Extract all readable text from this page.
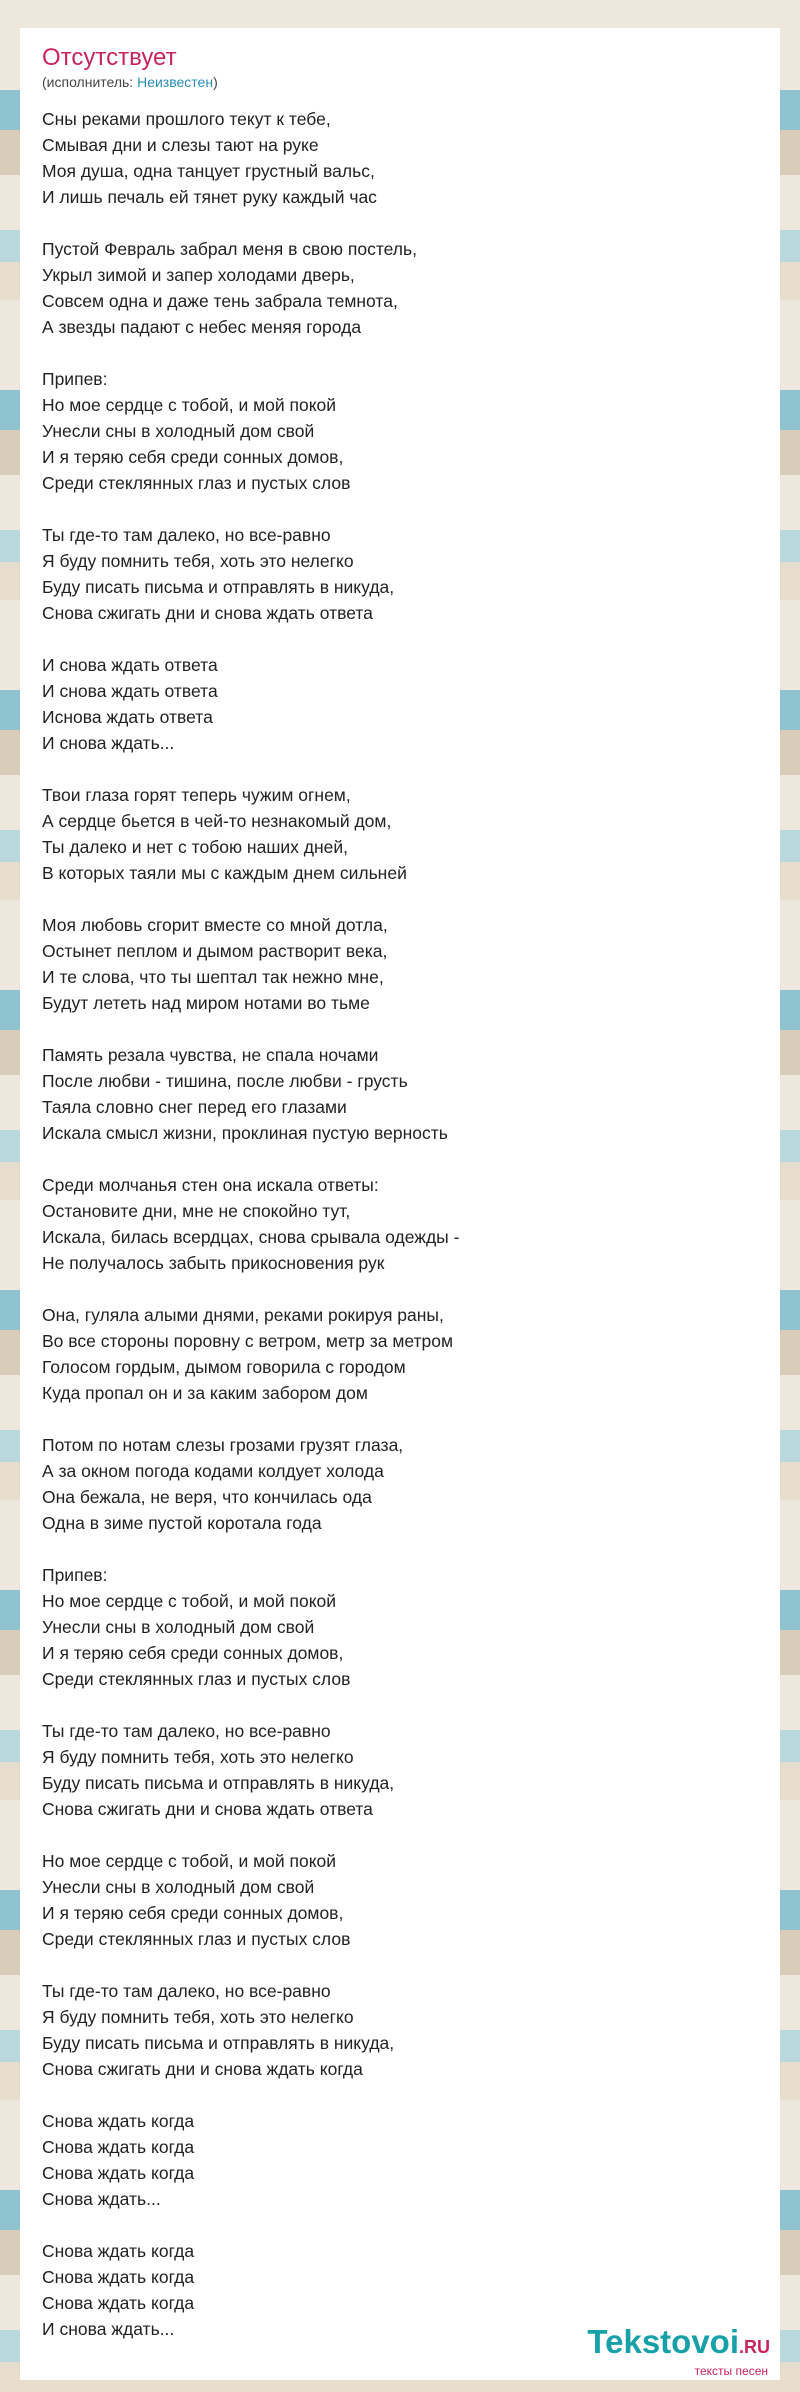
Отсутствует
(исполнитель: Неизвестен)
Сны реками прошлого текут к тебе,
Смывая дни и слезы тают на руке
Моя душа, одна танцует грустный вальс,
И лишь печаль ей тянет руку каждый час
Пустой Февраль забрал меня в свою постель,
Укрыл зимой и запер холодами дверь,
Совсем одна и даже тень забрала темнота,
А звезды падают с небес меняя города
Припев:
Но мое сердце с тобой, и мой покой
Унесли сны в холодный дом свой
И я теряю себя среди сонных домов,
Среди стеклянных глаз и пустых слов
Ты где-то там далеко, но все-равно
Я буду помнить тебя, хоть это нелегко
Буду писать письма и отправлять в никуда,
Снова сжигать дни и снова ждать ответа
И снова ждать ответа
И снова ждать ответа
Иснова ждать ответа
И снова ждать...
Твои глаза горят теперь чужим огнем,
А сердце бьется в чей-то незнакомый дом,
Ты далеко и нет с тобою наших дней,
В которых таяли мы с каждым днем сильней
Моя любовь сгорит вместе со мной дотла,
Остынет пеплом и дымом растворит века,
И те слова, что ты шептал так нежно мне,
Будут лететь над миром нотами во тьме
Память резала чувства, не спала ночами
После любви - тишина, после любви - грусть
Таяла словно снег перед его глазами
Искала смысл жизни, проклиная пустую верность
Среди молчанья стен она искала ответы:
Остановите дни, мне не спокойно тут,
Искала, билась всердцах, снова срывала одежды -
Не получалось забыть прикосновения рук
Она, гуляла алыми днями, реками рокируя раны,
Во все стороны поровну с ветром, метр за метром
Голосом гордым, дымом говорила с городом
Куда пропал он и за каким забором дом
Потом по нотам слезы грозами грузят глаза,
А за окном погода кодами колдует холода
Она бежала, не веря, что кончилась ода
Одна в зиме пустой коротала года
Припев:
Но мое сердце с тобой, и мой покой
Унесли сны в холодный дом свой
И я теряю себя среди сонных домов,
Среди стеклянных глаз и пустых слов
Ты где-то там далеко, но все-равно
Я буду помнить тебя, хоть это нелегко
Буду писать письма и отправлять в никуда,
Снова сжигать дни и снова ждать ответа
Но мое сердце с тобой, и мой покой
Унесли сны в холодный дом свой
И я теряю себя среди сонных домов,
Среди стеклянных глаз и пустых слов
Ты где-то там далеко, но все-равно
Я буду помнить тебя, хоть это нелегко
Буду писать письма и отправлять в никуда,
Снова сжигать дни и снова ждать когда
Снова ждать когда
Снова ждать когда
Снова ждать когда
Снова ждать...
Снова ждать когда
Снова ждать когда
Снова ждать когда
И снова ждать...	Tekstovoi.RU
тексты песен
